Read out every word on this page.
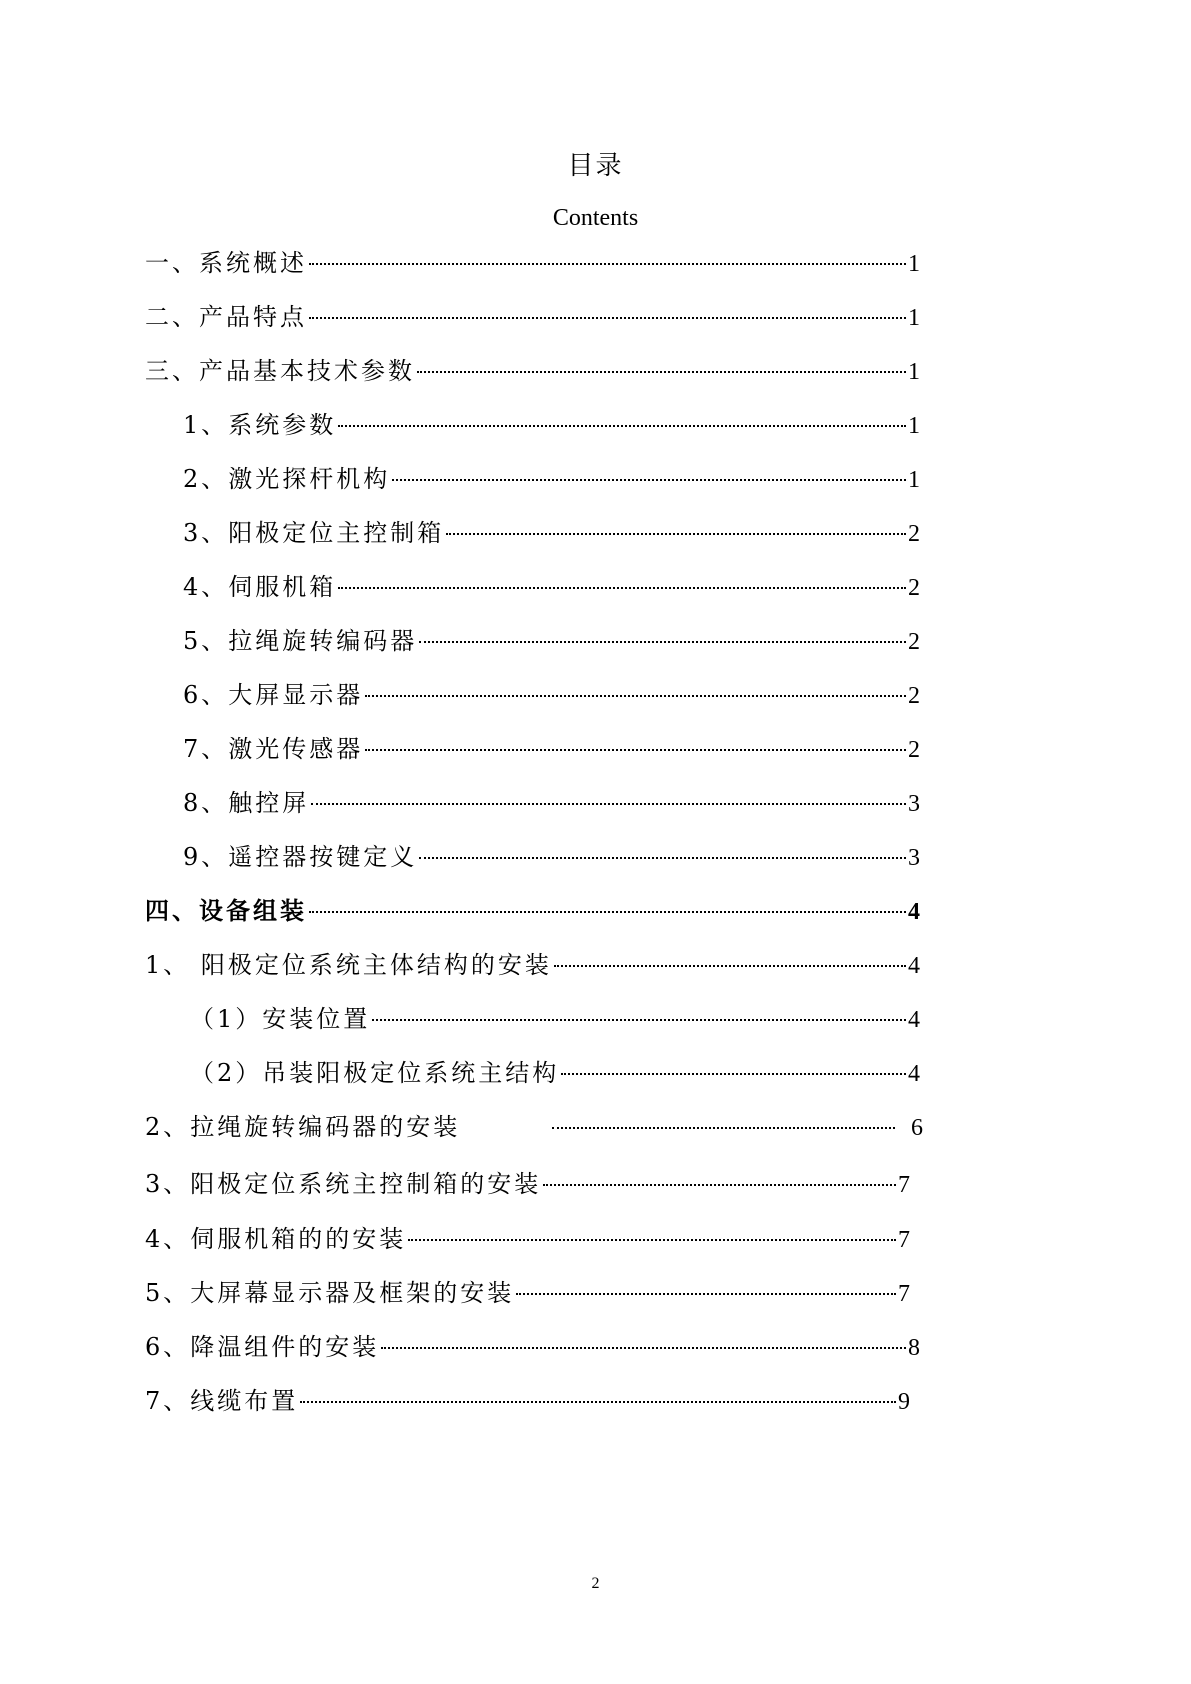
目录
Contents
一、系统概述	1
二、产品特点	1
三、产品基本技术参数	1
1、系统参数	1
2、激光探杆机构	1
3、阳极定位主控制箱	2
4、伺服机箱	2
5、拉绳旋转编码器	2
6、大屏显示器	2
7、激光传感器	2
8、触控屏	3
9、遥控器按键定义	3
四、设备组装	4
1、 阳极定位系统主体结构的安装	4
（1）安装位置	4
（2）吊装阳极定位系统主结构	4
2、拉绳旋转编码器的安装	6
3、阳极定位系统主控制箱的安装	7
4、伺服机箱的的安装	7
5、大屏幕显示器及框架的安装	7
6、降温组件的安装	8
7、线缆布置	9
2
